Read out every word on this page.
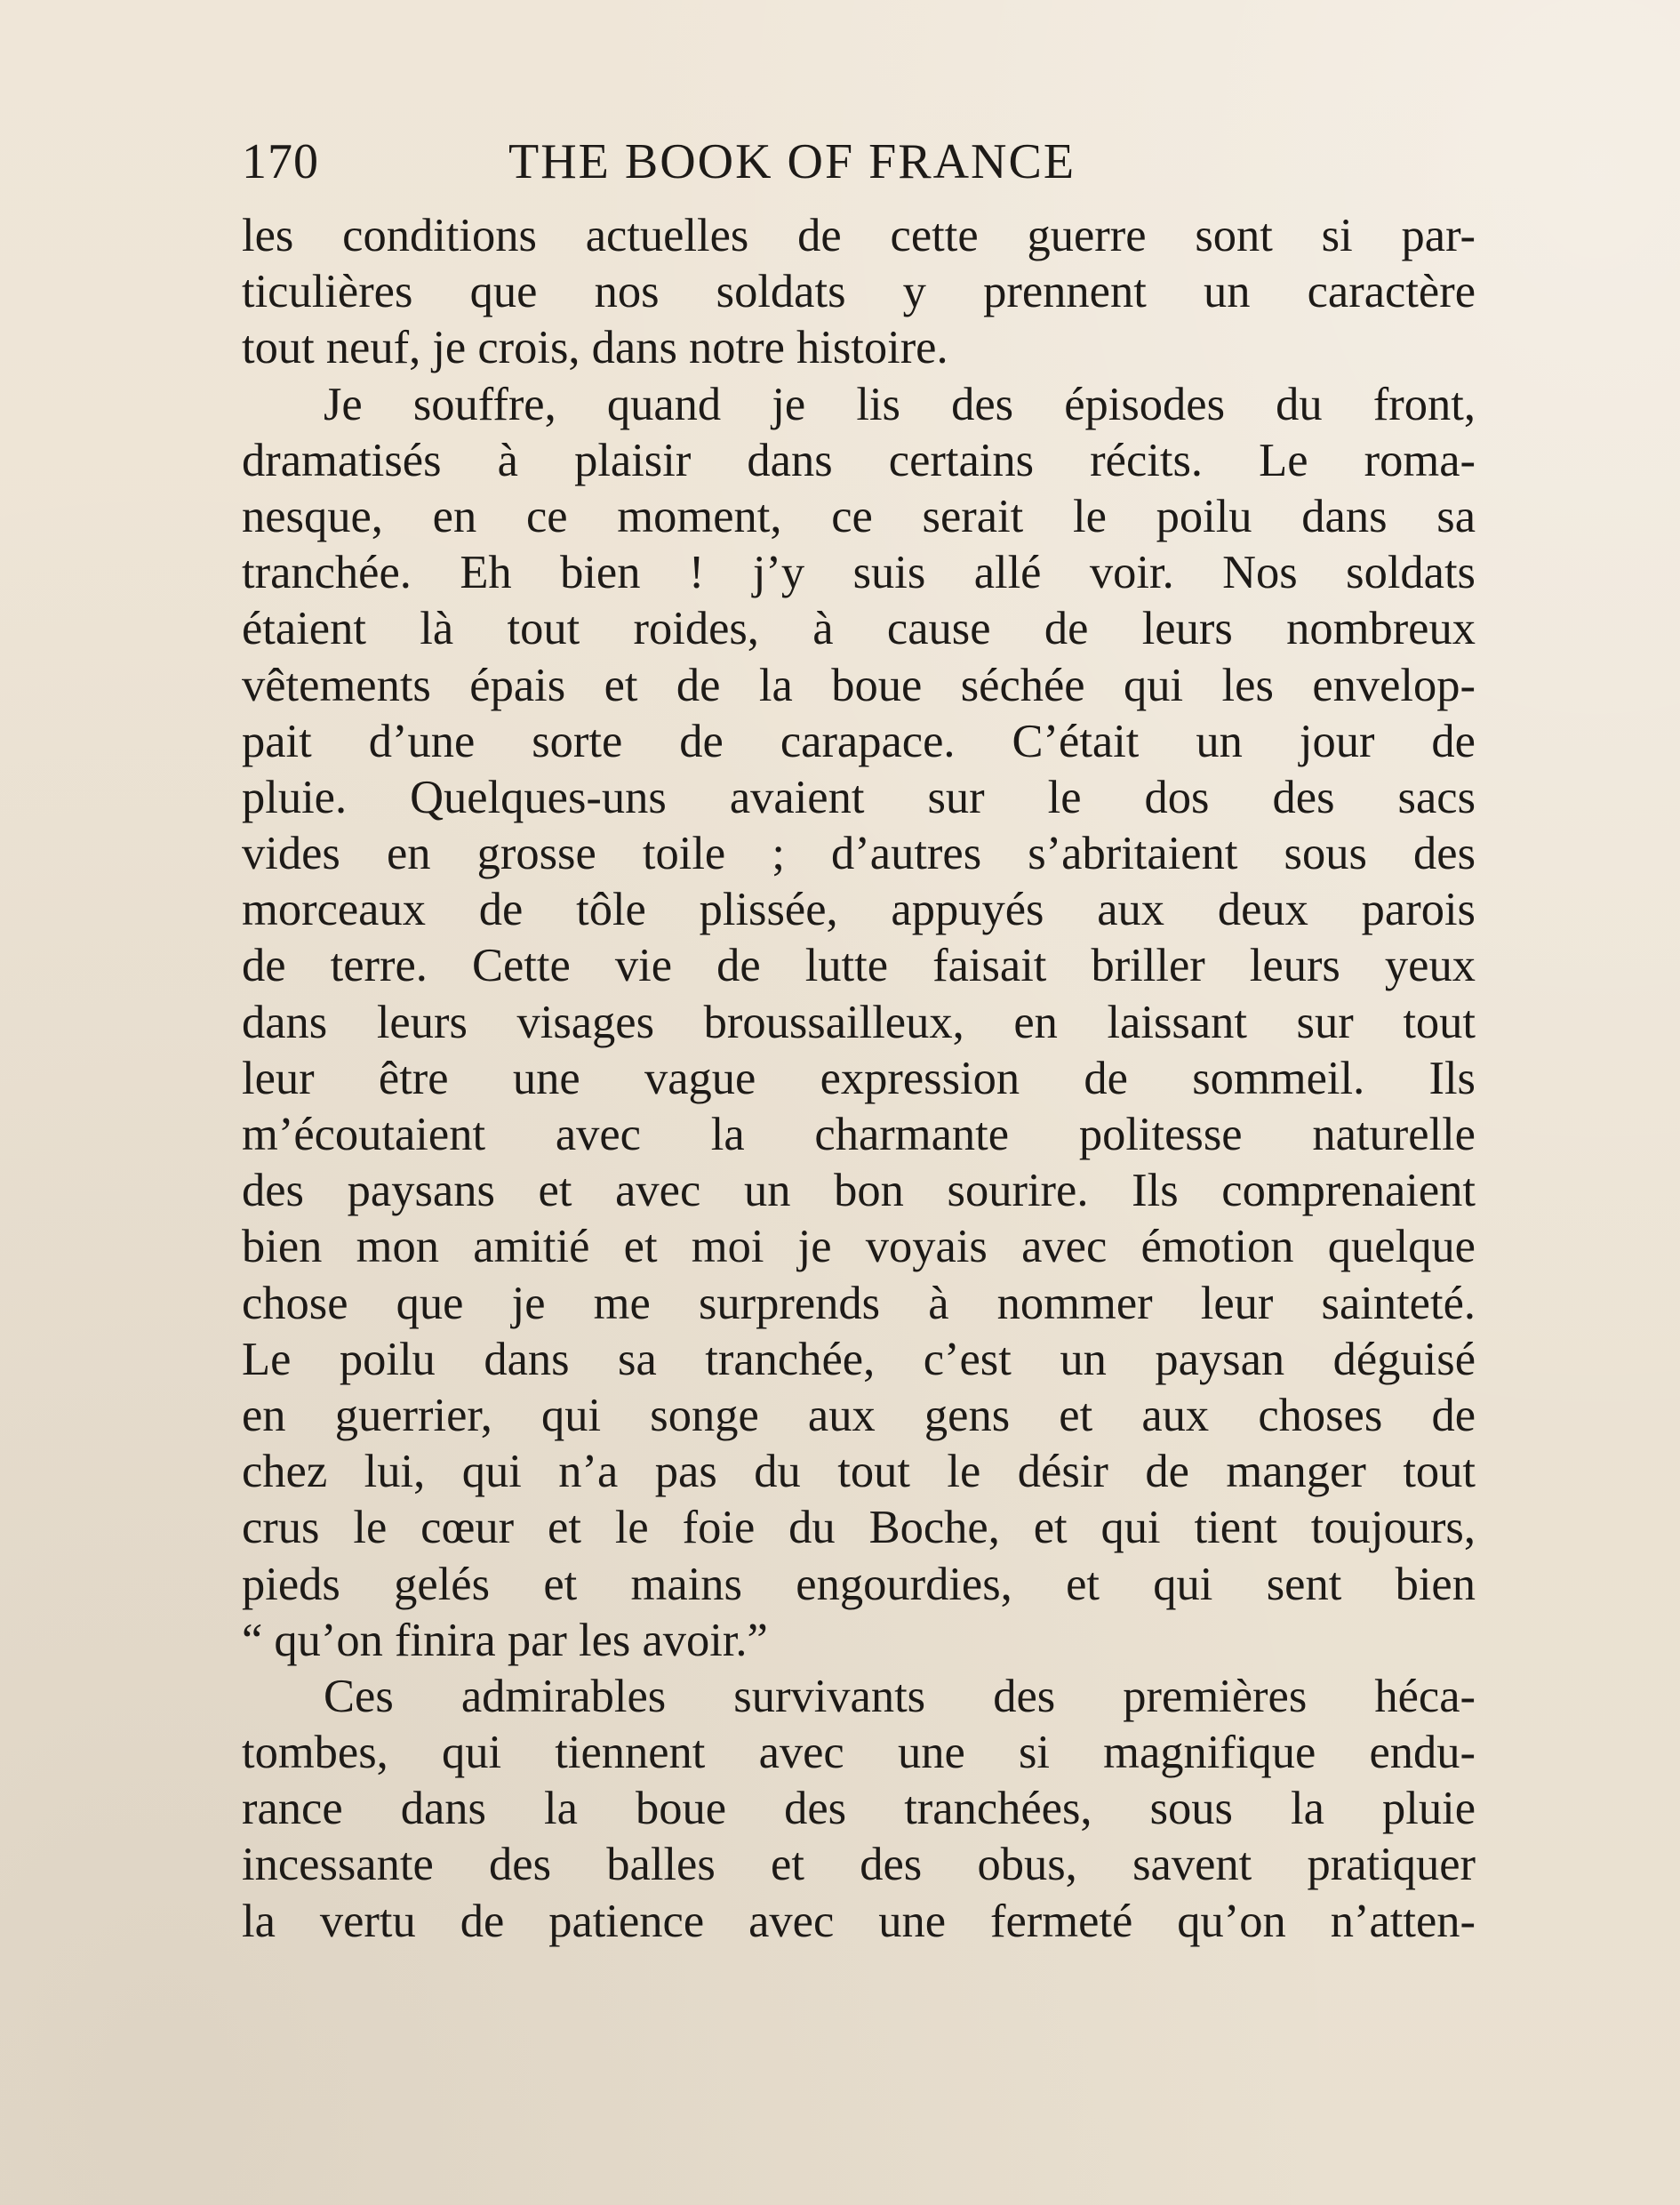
170	THE BOOK OF FRANCE
les conditions actuelles de cette guerre sont si par-
ticulières que nos soldats y prennent un caractère
tout neuf, je crois, dans notre histoire.
Je souffre, quand je lis des épisodes du front,
dramatisés à plaisir dans certains récits. Le roma-
nesque, en ce moment, ce serait le poilu dans sa
tranchée. Eh bien ! j’y suis allé voir. Nos soldats
étaient là tout roides, à cause de leurs nombreux
vêtements épais et de la boue séchée qui les envelop-
pait d’une sorte de carapace. C’était un jour de
pluie. Quelques-uns avaient sur le dos des sacs
vides en grosse toile ; d’autres s’abritaient sous des
morceaux de tôle plissée, appuyés aux deux parois
de terre. Cette vie de lutte faisait briller leurs yeux
dans leurs visages broussailleux, en laissant sur tout
leur être une vague expression de sommeil. Ils
m’écoutaient avec la charmante politesse naturelle
des paysans et avec un bon sourire. Ils comprenaient
bien mon amitié et moi je voyais avec émotion quelque
chose que je me surprends à nommer leur sainteté.
Le poilu dans sa tranchée, c’est un paysan déguisé
en guerrier, qui songe aux gens et aux choses de
chez lui, qui n’a pas du tout le désir de manger tout
crus le cœur et le foie du Boche, et qui tient toujours,
pieds gelés et mains engourdies, et qui sent bien
“ qu’on finira par les avoir.”
Ces admirables survivants des premières héca-
tombes, qui tiennent avec une si magnifique endu-
rance dans la boue des tranchées, sous la pluie
incessante des balles et des obus, savent pratiquer
la vertu de patience avec une fermeté qu’on n’atten-
